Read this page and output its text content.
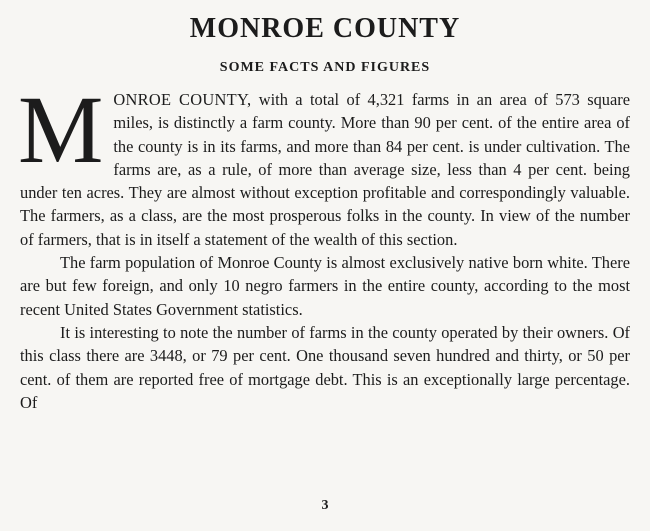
MONROE COUNTY
SOME FACTS AND FIGURES

MONROE COUNTY, with a total of 4,321 farms in an area of 573 square miles, is distinctly a farm county. More than 90 per cent. of the entire area of the county is in its farms, and more than 84 per cent. is under cultivation. The farms are, as a rule, of more than average size, less than 4 per cent. being under ten acres. They are almost without exception profitable and correspondingly valuable. The farmers, as a class, are the most prosperous folks in the county. In view of the number of farmers, that is in itself a statement of the wealth of this section.

The farm population of Monroe County is almost exclusively native born white. There are but few foreign, and only 10 negro farmers in the entire county, according to the most recent United States Government statistics.

It is interesting to note the number of farms in the county operated by their owners. Of this class there are 3448, or 79 per cent. One thousand seven hundred and thirty, or 50 per cent. of them are reported free of mortgage debt. This is an exceptionally large percentage. Of

3
